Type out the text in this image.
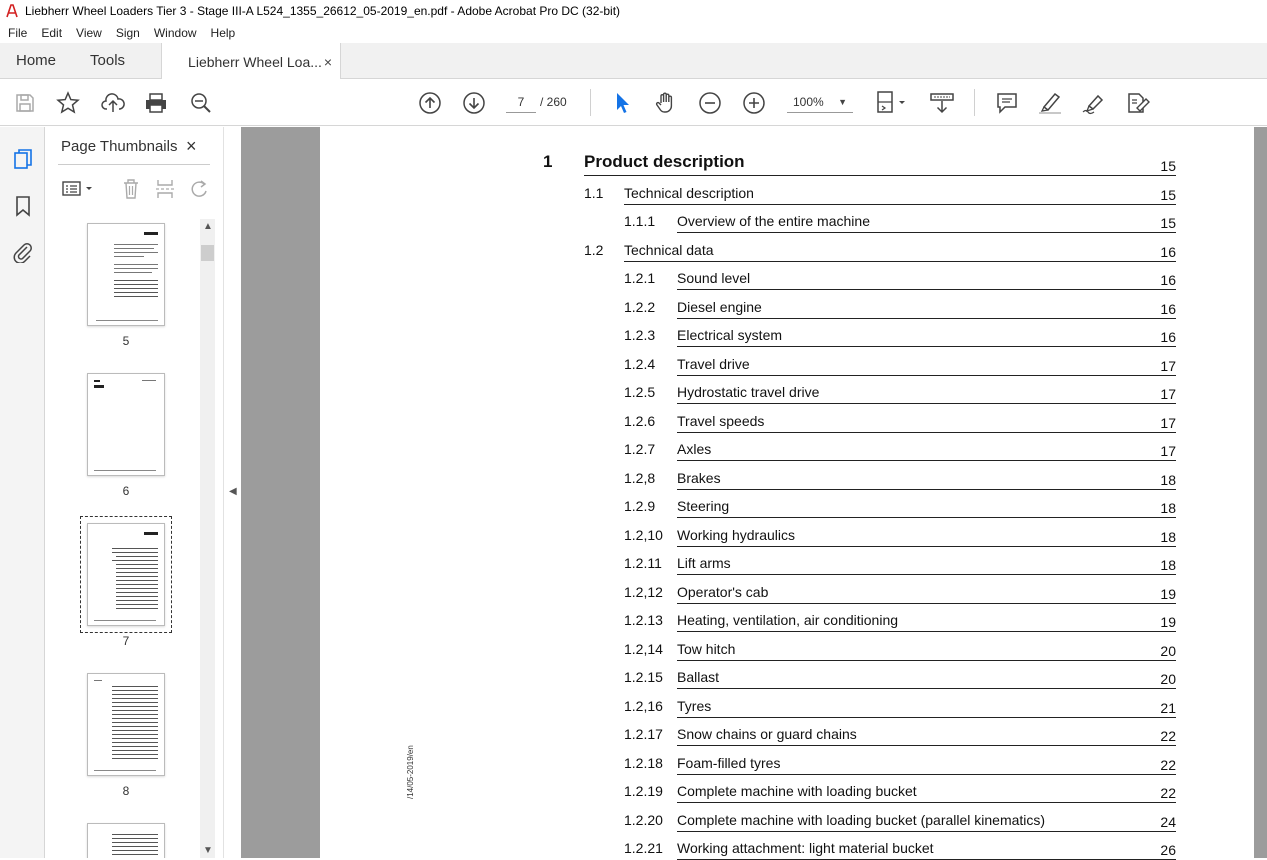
Liebherr Wheel Loaders Tier 3 - Stage III-A L524_1355_26612_05-2019_en.pdf - Adobe Acrobat Pro DC (32-bit)
File	Edit	View	Sign	Window	Help
Home	Tools	Liebherr Wheel Loa... ×
7
/ 260	100% ▼
Page Thumbnails ×
5
6
7
8
▲
▼
◀
/14/05-2019/en
1 Product description	15
1.1 Technical description	15
1.1.1 Overview of the entire machine	15
1.2 Technical data	16
1.2.1 Sound level	16
1.2.2 Diesel engine	16
1.2.3 Electrical system	16
1.2.4 Travel drive	17
1.2.5 Hydrostatic travel drive	17
1.2.6 Travel speeds	17
1.2.7 Axles	17
1.2,8 Brakes	18
1.2.9 Steering	18
1.2,10 Working hydraulics	18
1.2.11 Lift arms	18
1.2,12 Operator's cab	19
1.2.13 Heating, ventilation, air conditioning	19
1.2,14 Tow hitch	20
1.2.15 Ballast	20
1.2,16 Tyres	21
1.2.17 Snow chains or guard chains	22
1.2.18 Foam-filled tyres	22
1.2.19 Complete machine with loading bucket	22
1.2.20 Complete machine with loading bucket (parallel kinematics)	24
1.2.21 Working attachment: light material bucket	26
